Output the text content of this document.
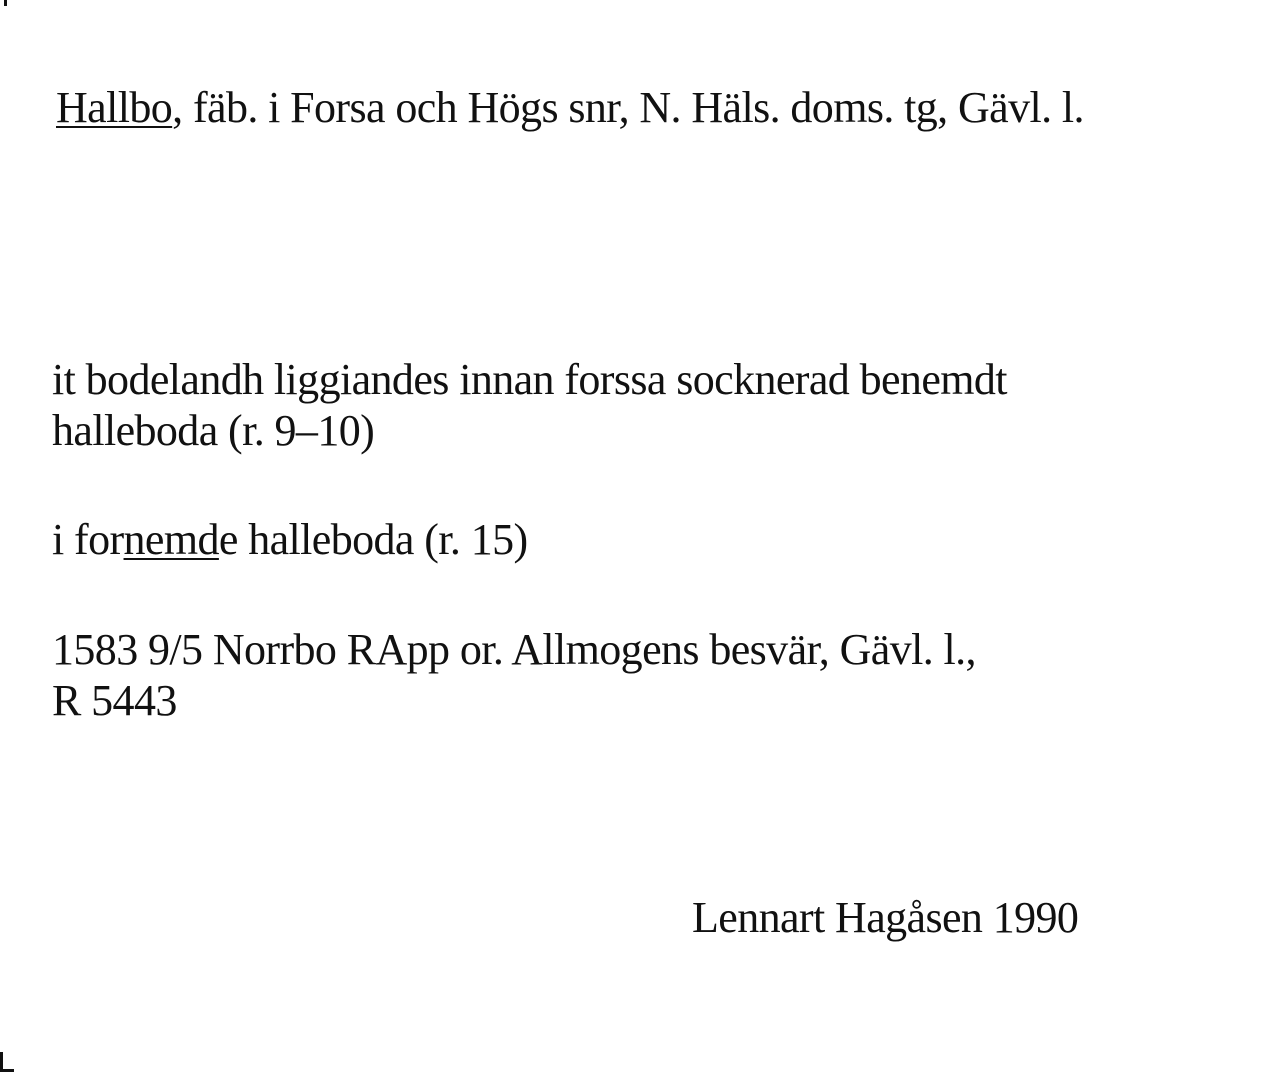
Hallbo, fäb. i Forsa och Högs snr, N. Häls. doms. tg, Gävl. l.
it bodelandh liggiandes innan forssa socknerad benemdt
halleboda (r. 9–10)
i fornemde halleboda (r. 15)
1583 9/5 Norrbo RApp or. Allmogens besvär, Gävl. l.,
R 5443
Lennart Hagåsen 1990
